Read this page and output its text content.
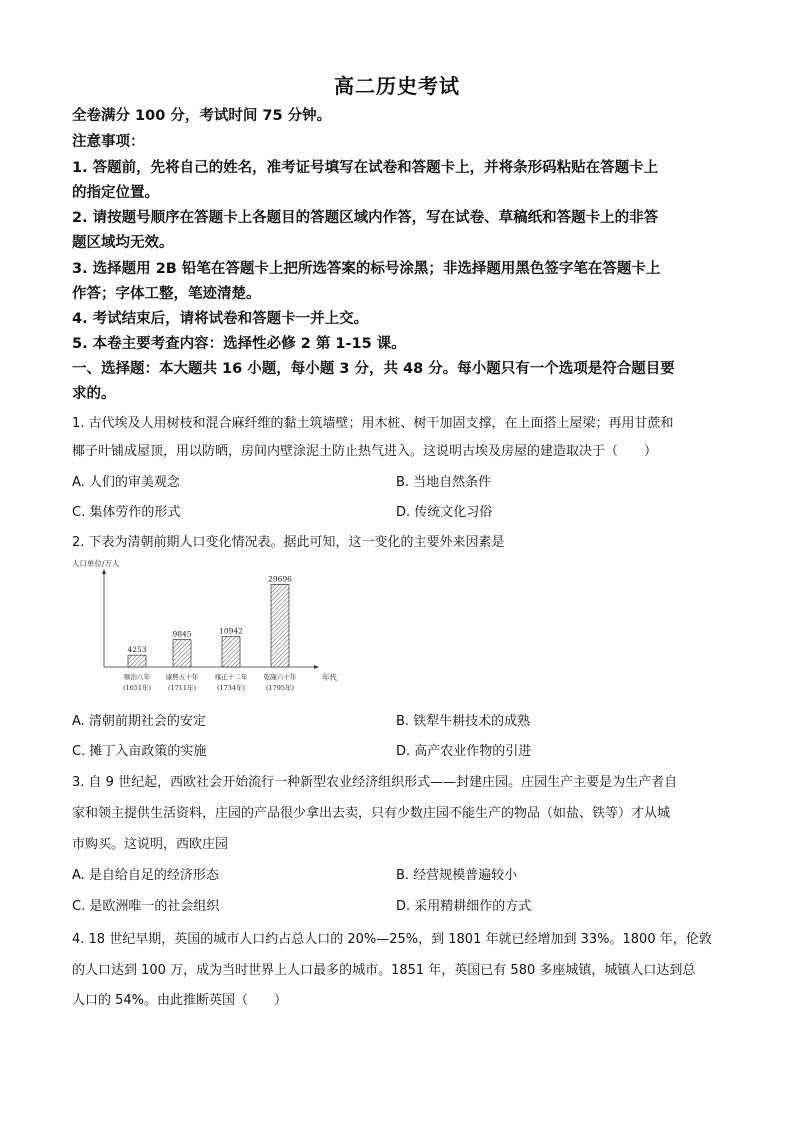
高二历史考试
全卷满分 100 分，考试时间 75 分钟。
注意事项：
1. 答题前，先将自己的姓名，准考证号填写在试卷和答题卡上，并将条形码粘贴在答题卡上
的指定位置。
2. 请按题号顺序在答题卡上各题目的答题区域内作答，写在试卷、草稿纸和答题卡上的非答
题区域均无效。
3. 选择题用 2B 铅笔在答题卡上把所选答案的标号涂黑；非选择题用黑色签字笔在答题卡上
作答；字体工整，笔迹清楚。
4. 考试结束后，请将试卷和答题卡一并上交。
5. 本卷主要考查内容：选择性必修 2 第 1-15 课。
一、选择题：本大题共 16 小题，每小题 3 分，共 48 分。每小题只有一个选项是符合题目要
求的。
1. 古代埃及人用树枝和混合麻纤维的黏土筑墙壁；用木桩、树干加固支撑，在上面搭上屋梁；再用甘蔗和
椰子叶铺成屋顶，用以防晒，房间内壁涂泥土防止热气进入。这说明古埃及房屋的建造取决于（　　）
A. 人们的审美观念	B. 当地自然条件
C. 集体劳作的形式	D. 传统文化习俗
2. 下表为清朝前期人口变化情况表。据此可知，这一变化的主要外来因素是
人口单位/万人
年代
4253
顺治八年
(1651年)
9845
康熙五十年
(1711年)
10942
雍正十二年
(1734年)
29696
乾隆六十年
(1795年)
A. 清朝前期社会的安定	B. 铁犁牛耕技术的成熟
C. 摊丁入亩政策的实施	D. 高产农业作物的引进
3. 自 9 世纪起，西欧社会开始流行一种新型农业经济组织形式——封建庄园。庄园生产主要是为生产者自
家和领主提供生活资料，庄园的产品很少拿出去卖，只有少数庄园不能生产的物品（如盐、铁等）才从城
市购买。这说明，西欧庄园
A. 是自给自足的经济形态	B. 经营规模普遍较小
C. 是欧洲唯一的社会组织	D. 采用精耕细作的方式
4. 18 世纪早期，英国的城市人口约占总人口的 20%—25%，到 1801 年就已经增加到 33%。1800 年，伦敦
的人口达到 100 万，成为当时世界上人口最多的城市。1851 年，英国已有 580 多座城镇，城镇人口达到总
人口的 54%。由此推断英国（　　）
